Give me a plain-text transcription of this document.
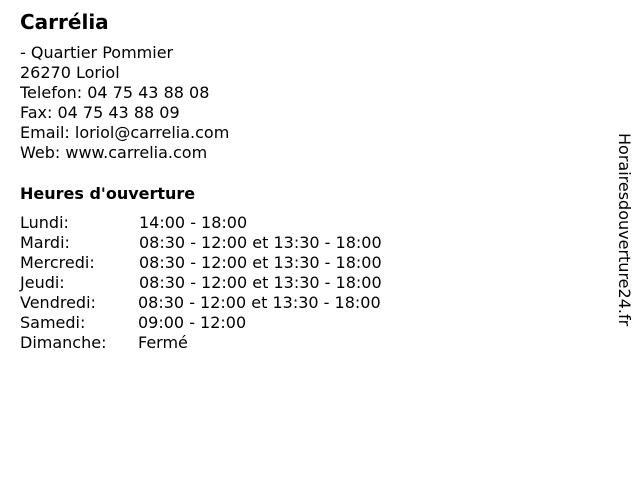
Carrélia
- Quartier Pommier
26270 Loriol
Telefon: 04 75 43 88 08
Fax: 04 75 43 88 09
Email: loriol@carrelia.com
Web: www.carrelia.com
Heures d'ouverture
Lundi:	14:00 - 18:00
Mardi:	08:30 - 12:00 et 13:30 - 18:00
Mercredi:	08:30 - 12:00 et 13:30 - 18:00
Jeudi:	08:30 - 12:00 et 13:30 - 18:00
Vendredi:	08:30 - 12:00 et 13:30 - 18:00
Samedi:	09:00 - 12:00
Dimanche: Fermé
Horairesdouverture24.fr
